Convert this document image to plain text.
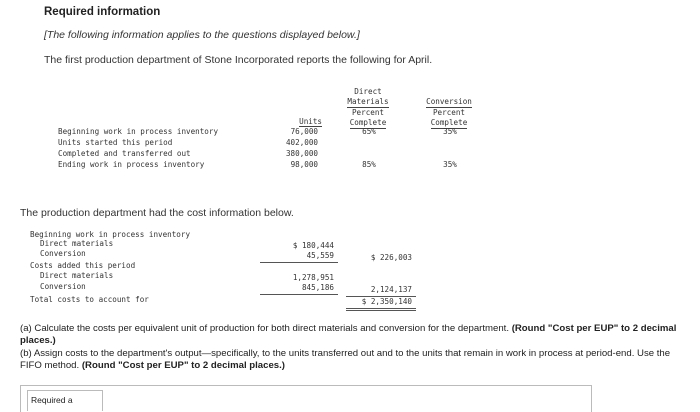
Required information
[The following information applies to the questions displayed below.]
The first production department of Stone Incorporated reports the following for April.
Direct
Materials
Percent
Complete
Conversion
Percent
Complete
Units
Beginning work in process inventory	76,000	65%	35%
Units started this period	402,000
Completed and transferred out	380,000
Ending work in process inventory	98,000	85%	35%
The production department had the cost information below.
Beginning work in process inventory
Direct materials	$ 180,444
Conversion	45,559	$ 226,003
Costs added this period
Direct materials	1,278,951
Conversion	845,186	2,124,137
Total costs to account for	$ 2,350,140
(a) Calculate the costs per equivalent unit of production for both direct materials and conversion for the department. (Round "Cost per EUP" to 2 decimal places.)
(b) Assign costs to the department's output—specifically, to the units transferred out and to the units that remain in work in process at period-end. Use the FIFO method. (Round "Cost per EUP" to 2 decimal places.)
Required a
